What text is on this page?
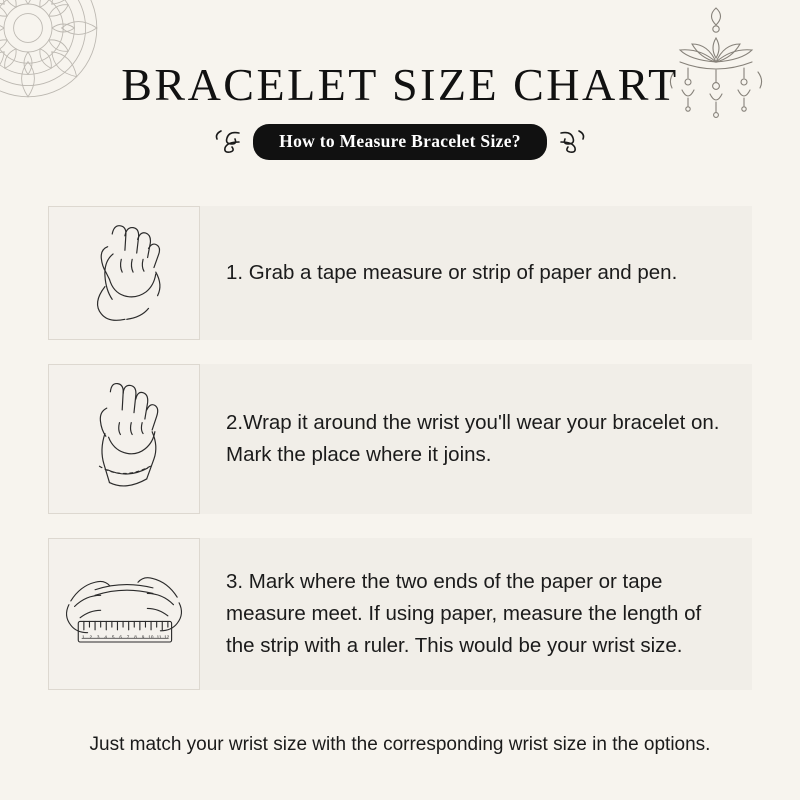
BRACELET SIZE CHART
How to Measure Bracelet Size?
1. Grab a tape measure or strip of paper and pen.
2.Wrap it around the wrist you'll wear your bracelet on. Mark the place where it joins.
1 2 3 4 5 6 7 8 9 10 11 12
3. Mark where the two ends of the paper or tape measure meet. If using paper, measure the length of the strip with a ruler. This would be your wrist size.
Just match your wrist size with the corresponding wrist size in the options.
